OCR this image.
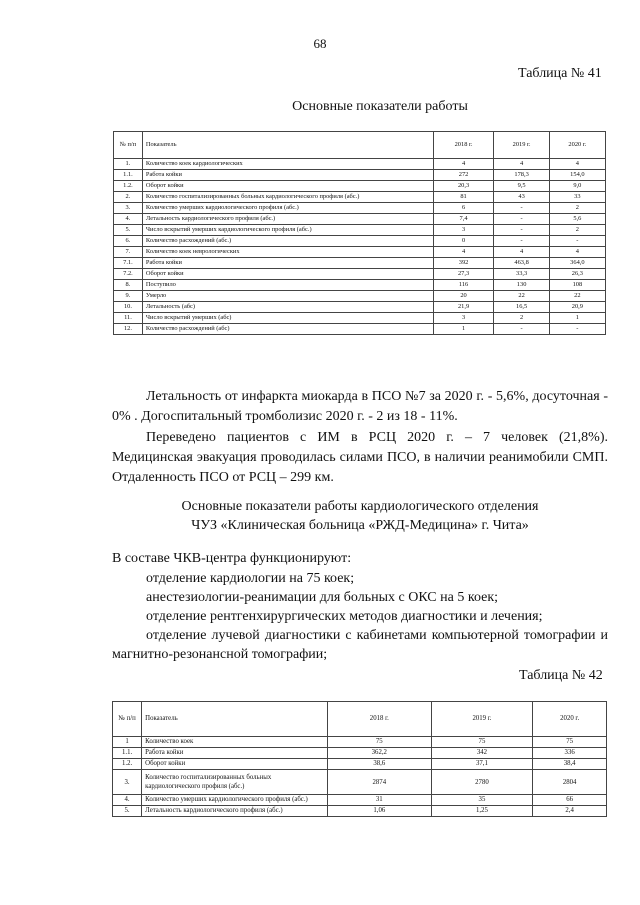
68
Таблица № 41
Основные показатели работы
№ п/п	Показатель	2018 г.	2019 г.	2020 г.
1.	Количество коек кардиологических	4	4	4
1.1.	Работа койки	272	178,3	154,0
1.2.	Оборот койки	20,3	9,5	9,0
2.	Количество госпитализированных больных кардиологического профиля (абс.)	81	43	33
3.	Количество умерших кардиологического профиля (абс.)	6	-	2
4.	Летальность кардиологического профиля (абс.)	7,4	-	5,6
5.	Число вскрытий умерших кардиологического профиля (абс.)	3	-	2
6.	Количество расхождений (абс.)	0	-	-
7.	Количество коек неврологических	4	4	4
7.1.	Работа койки	392	463,8	364,0
7.2.	Оборот койки	27,3	33,3	26,3
8.	Поступило	116	130	108
9.	Умерло	20	22	22
10.	Летальность (абс)	21,9	16,5	20,9
11.	Число вскрытий умерших (абс)	3	2	1
12.	Количество расхождений (абс)	1	-	-
Летальность от инфаркта миокарда в ПСО №7 за 2020 г. - 5,6%, досуточная - 0% . Догоспитальный тромболизис 2020 г. - 2 из 18 - 11%.
Переведено пациентов с ИМ в РСЦ 2020 г. – 7 человек (21,8%). Медицинская эвакуация проводилась силами ПСО, в наличии реанимобили СМП. Отдаленность ПСО от РСЦ – 299 км.
Основные показатели работы кардиологического отделения
ЧУЗ «Клиническая больница «РЖД-Медицина» г. Чита»
В составе ЧКВ-центра функционируют:
отделение кардиологии на 75 коек;
анестезиологии-реанимации для больных с ОКС на 5 коек;
отделение рентгенхирургических методов диагностики и лечения;
отделение лучевой диагностики с кабинетами компьютерной томографии и магнитно-резонансной томографии;
Таблица № 42
№ п/п	Показатель	2018 г.	2019 г.	2020 г.
1	Количество коек	75	75	75
1.1.	Работа койки	362,2	342	336
1.2.	Оборот койки	38,6	37,1	38,4
3.	Количество госпитализированных больных кардиологического профиля (абс.)	2874	2780	2804
4.	Количество умерших кардиологического профиля (абс.)	31	35	66
5.	Летальность кардиологического профиля (абс.)	1,06	1,25	2,4
